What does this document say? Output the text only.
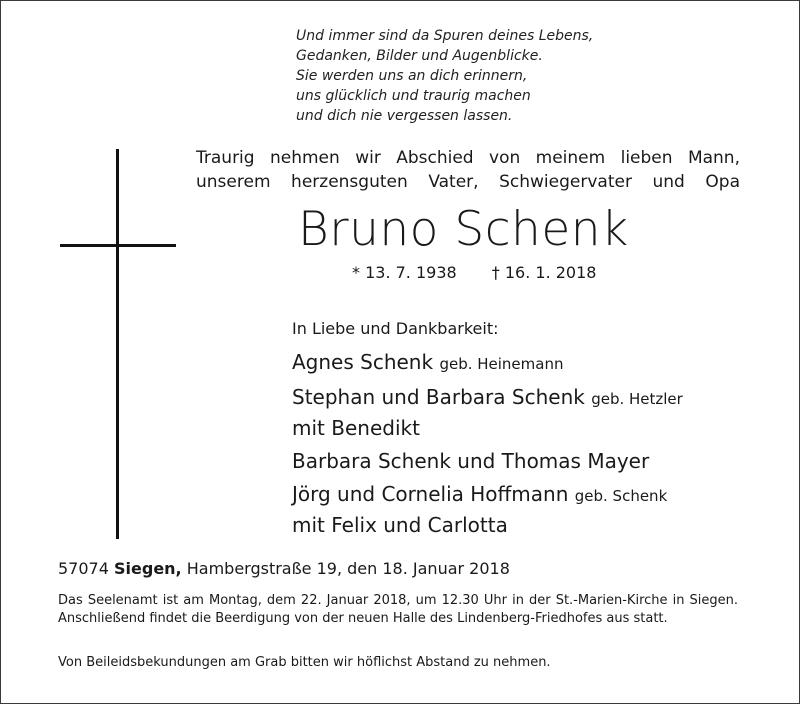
Und immer sind da Spuren deines Lebens,
Gedanken, Bilder und Augenblicke.
Sie werden uns an dich erinnern,
uns glücklich und traurig machen
und dich nie vergessen lassen.
Traurig nehmen wir Abschied von meinem lieben Mann,
unserem herzensguten Vater, Schwiegervater und Opa
Bruno Schenk
* 13. 7. 1938 † 16. 1. 2018
In Liebe und Dankbarkeit:
Agnes Schenk geb. Heinemann
Stephan und Barbara Schenk geb. Hetzler
mit Benedikt
Barbara Schenk und Thomas Mayer
Jörg und Cornelia Hoffmann geb. Schenk
mit Felix und Carlotta
57074 Siegen, Hambergstraße 19, den 18. Januar 2018
Das Seelenamt ist am Montag, dem 22. Januar 2018, um 12.30 Uhr in der St.-Marien-Kirche in Siegen. Anschließend findet die Beerdigung von der neuen Halle des Lindenberg-Friedhofes aus statt.
Von Beileidsbekundungen am Grab bitten wir höflichst Abstand zu nehmen.
